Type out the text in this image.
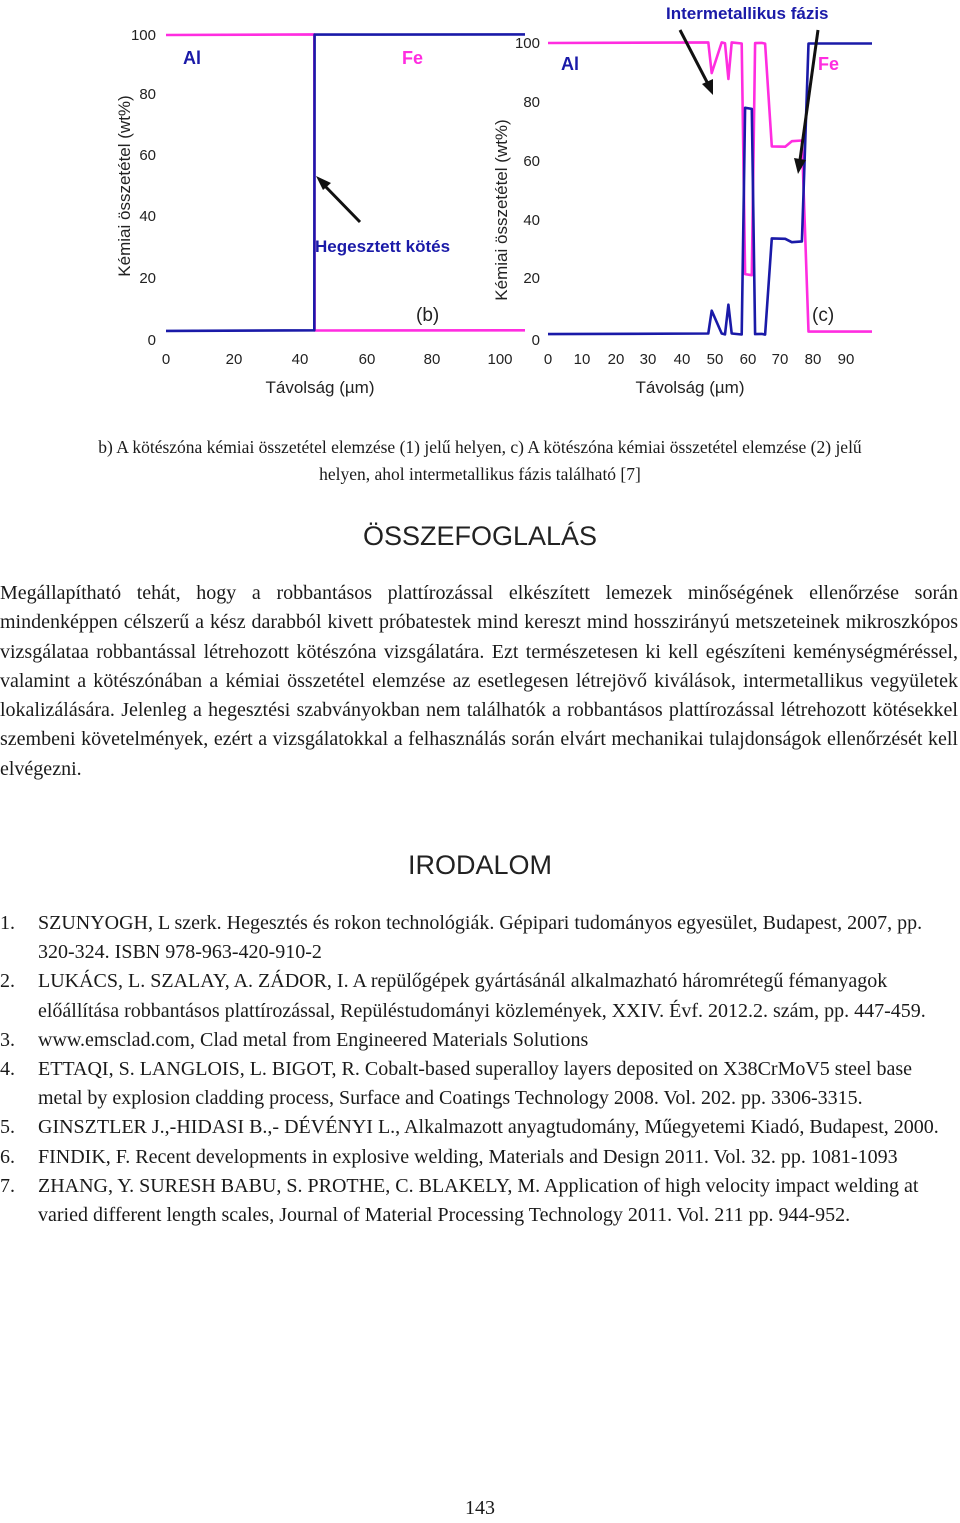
Kémiai összetétel (wt%)
0
20
40
60
80
100
0	20	40	60	80	100
Távolság (µm)
Al	Fe
Hegesztett kötés
(b)
Kémiai összetétel (wt%)
0
20
40
60
80
100
0 10 20 30 40 50 60 70 80 90
Távolság (µm)
Al	Fe
Intermetallikus fázis
(c)
b) A kötészóna kémiai összetétel elemzése (1) jelű helyen, c) A kötészóna kémiai összetétel elemzése (2) jelű
helyen, ahol intermetallikus fázis található [7]
ÖSSZEFOGLALÁS
Megállapítható tehát, hogy a robbantásos plattírozással elkészített lemezek minőségének ellenőrzése során mindenképpen célszerű a kész darabból kivett próbatestek mind kereszt mind hosszirányú metszeteinek mikroszkópos vizsgálataa robbantással létrehozott kötészóna vizsgálatára. Ezt természetesen ki kell egészíteni keménységméréssel, valamint a kötészónában a kémiai összetétel elemzése az esetlegesen létrejövő kiválások, intermetallikus vegyületek lokalizálására. Jelenleg a hegesztési szabványokban nem találhatók a robbantásos plattírozással létrehozott kötésekkel szembeni követelmények, ezért a vizsgálatokkal a felhasználás során elvárt mechanikai tulajdonságok ellenőrzését kell elvégezni.
IRODALOM
1. SZUNYOGH, L szerk. Hegesztés és rokon technológiák. Gépipari tudományos egyesület, Budapest, 2007, pp. 320-324. ISBN 978-963-420-910-2
2. LUKÁCS, L. SZALAY, A. ZÁDOR, I. A repülőgépek gyártásánál alkalmazható háromrétegű fémanyagok előállítása robbantásos plattírozással, Repüléstudományi közlemények, XXIV. Évf. 2012.2. szám, pp. 447-459.
3. www.emsclad.com, Clad metal from Engineered Materials Solutions
4. ETTAQI, S. LANGLOIS, L. BIGOT, R. Cobalt-based superalloy layers deposited on X38CrMoV5 steel base metal by explosion cladding process, Surface and Coatings Technology 2008. Vol. 202. pp. 3306-3315.
5. GINSZTLER J.,-HIDASI B.,- DÉVÉNYI L., Alkalmazott anyagtudomány, Műegyetemi Kiadó, Budapest, 2000.
6. FINDIK, F. Recent developments in explosive welding, Materials and Design 2011. Vol. 32. pp. 1081-1093
7. ZHANG, Y. SURESH BABU, S. PROTHE, C. BLAKELY, M. Application of high velocity impact welding at varied different length scales, Journal of Material Processing Technology 2011. Vol. 211 pp. 944-952.
143
